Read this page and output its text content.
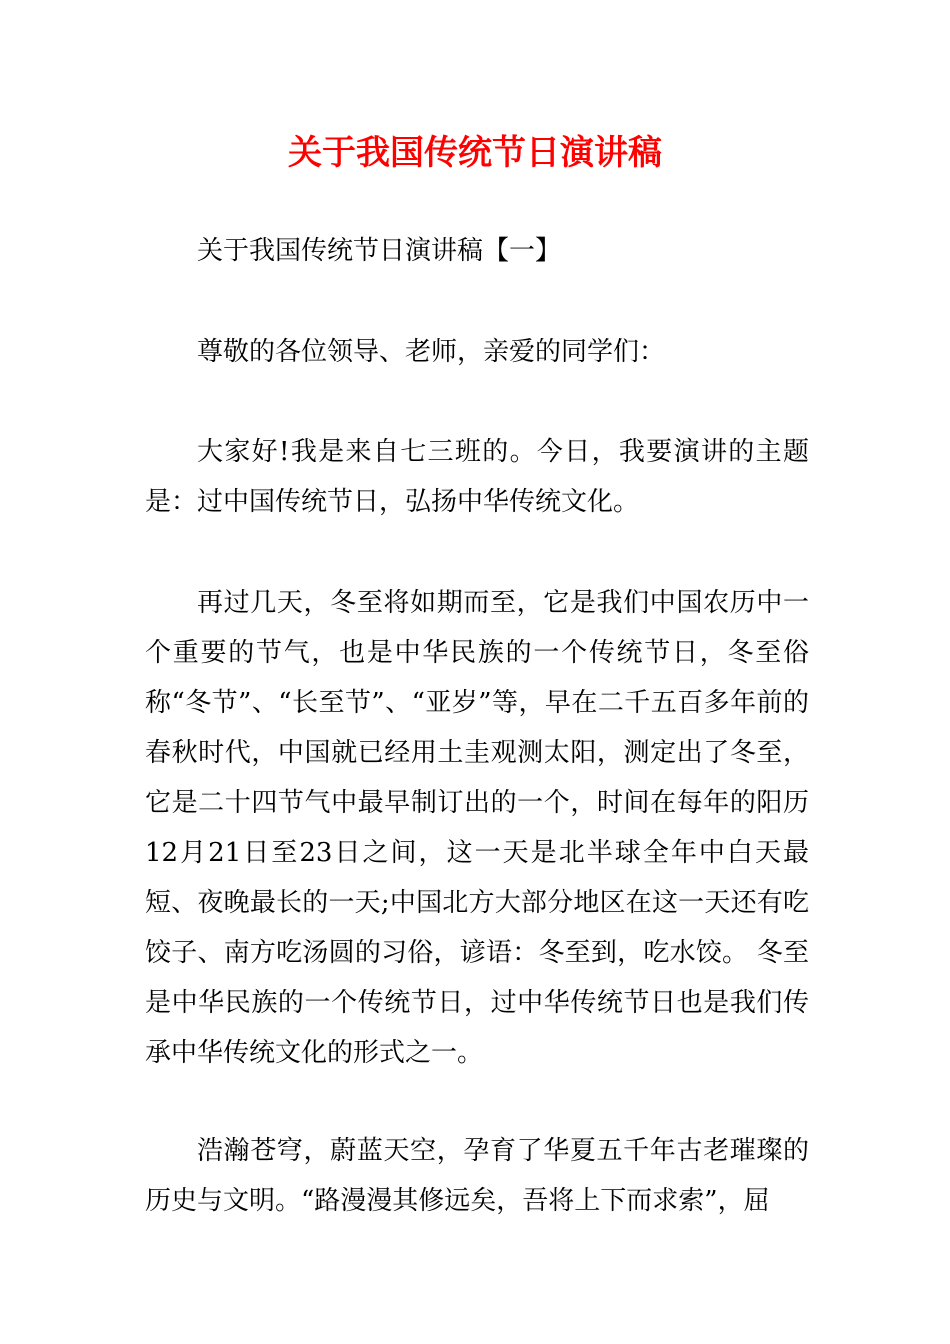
关于我国传统节日演讲稿

关于我国传统节日演讲稿【一】

尊敬的各位领导、老师，亲爱的同学们：

大家好!我是来自七三班的。今日，我要演讲的主题是：过中国传统节日，弘扬中华传统文化。

再过几天，冬至将如期而至，它是我们中国农历中一个重要的节气，也是中华民族的一个传统节日，冬至俗称“冬节”、“长至节”、“亚岁”等，早在二千五百多年前的春秋时代，中国就已经用土圭观测太阳，测定出了冬至，它是二十四节气中最早制订出的一个，时间在每年的阳历12月21日至23日之间，这一天是北半球全年中白天最短、夜晚最长的一天;中国北方大部分地区在这一天还有吃饺子、南方吃汤圆的习俗，谚语：冬至到，吃水饺。 冬至是中华民族的一个传统节日，过中华传统节日也是我们传承中华传统文化的形式之一。

浩瀚苍穹，蔚蓝天空，孕育了华夏五千年古老璀璨的历史与文明。“路漫漫其修远矣，吾将上下而求索”，屈
